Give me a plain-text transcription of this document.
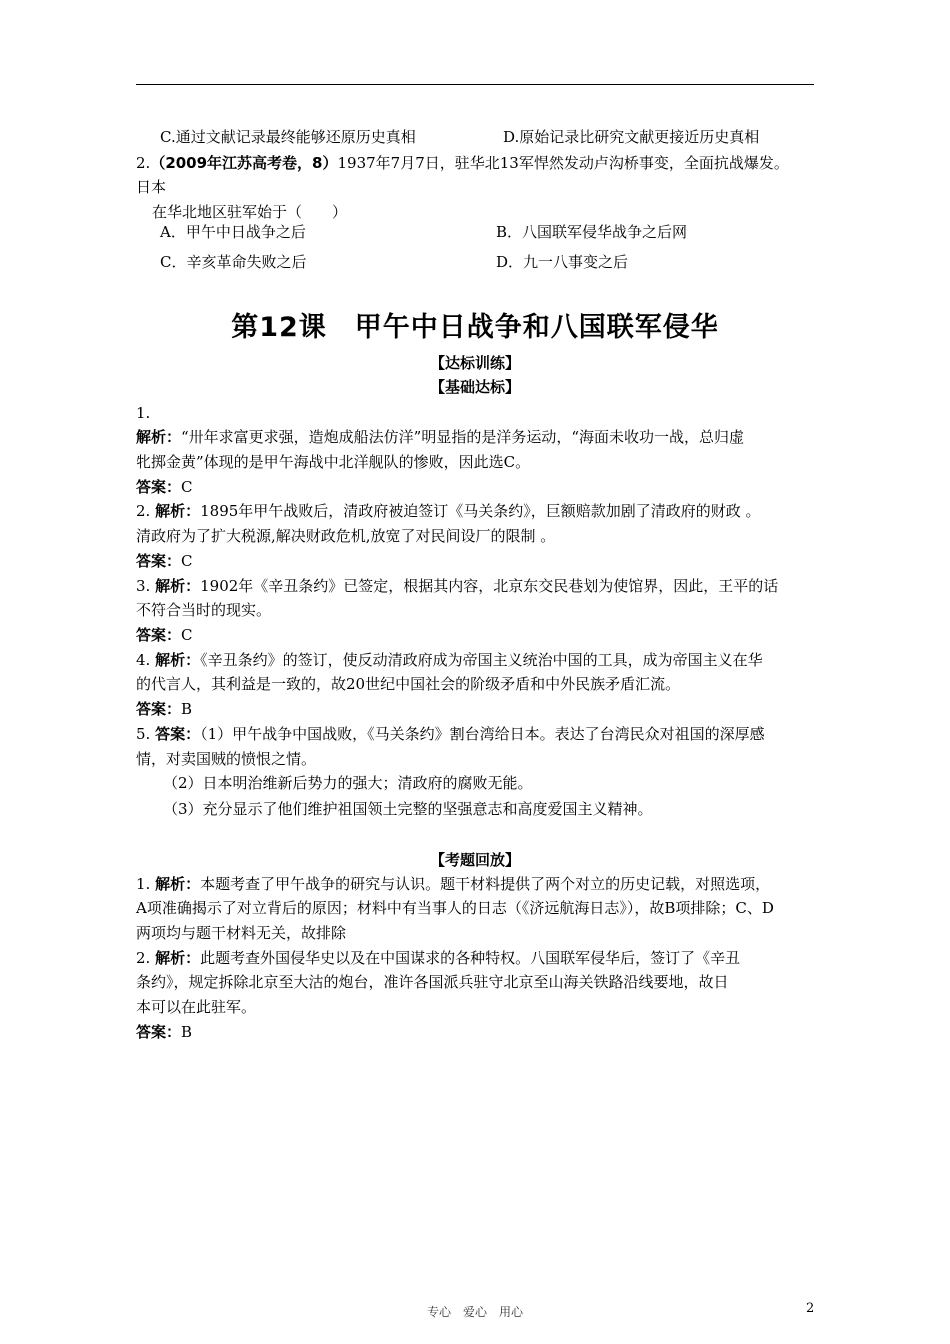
C.通过文献记录最终能够还原历史真相	D.原始记录比研究文献更接近历史真相
2.（2009年江苏高考卷，8）1937年7月7日，驻华北13军悍然发动卢沟桥事变，全面抗战爆发。
日本
在华北地区驻军始于（　　）
A．甲午中日战争之后	B．八国联军侵华战争之后网
C．辛亥革命失败之后	D．九一八事变之后
第12课　甲午中日战争和八国联军侵华
【达标训练】
【基础达标】
1.
解析：“卅年求富更求强，造炮成船法仿洋”明显指的是洋务运动，“海面未收功一战，总归虚
牝掷金黄”体现的是甲午海战中北洋舰队的惨败，因此选C。
答案：C
2. 解析：1895年甲午战败后，清政府被迫签订《马关条约》，巨额赔款加剧了清政府的财政 。
清政府为了扩大税源,解决财政危机,放宽了对民间设厂的限制 。
答案：C
3. 解析：1902年《辛丑条约》已签定，根据其内容，北京东交民巷划为使馆界，因此，王平的话
不符合当时的现实。
答案：C
4. 解析：《辛丑条约》的签订，使反动清政府成为帝国主义统治中国的工具，成为帝国主义在华
的代言人，其利益是一致的，故20世纪中国社会的阶级矛盾和中外民族矛盾汇流。
答案：B
5. 答案：（1）甲午战争中国战败，《马关条约》割台湾给日本。表达了台湾民众对祖国的深厚感
情，对卖国贼的愤恨之情。
（2）日本明治维新后势力的强大；清政府的腐败无能。
（3）充分显示了他们维护祖国领土完整的坚强意志和高度爱国主义精神。
【考题回放】
1. 解析：本题考查了甲午战争的研究与认识。题干材料提供了两个对立的历史记载，对照选项，
A项准确揭示了对立背后的原因；材料中有当事人的日志（《济远航海日志》），故B项排除；C、D
两项均与题干材料无关，故排除
2. 解析：此题考查外国侵华史以及在中国谋求的各种特权。八国联军侵华后，签订了《辛丑
条约》，规定拆除北京至大沽的炮台，准许各国派兵驻守北京至山海关铁路沿线要地，故日
本可以在此驻军。
答案：B
专心　爱心　用心	2
